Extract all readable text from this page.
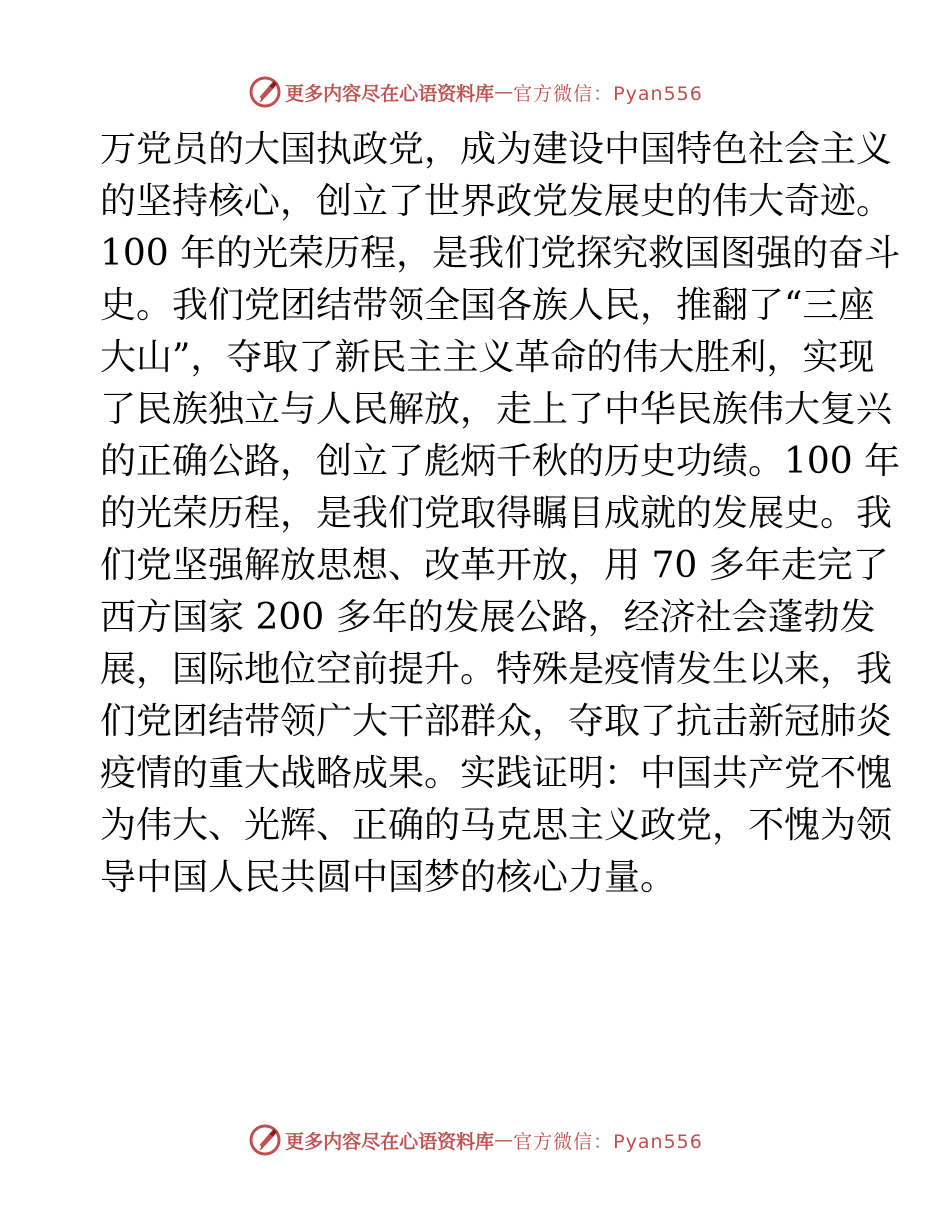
更多内容尽在心语资料库 — 官方微信：Pyan556
万党员的大国执政党，成为建设中国特色社会主义
的坚持核心，创立了世界政党发展史的伟大奇迹。
100 年的光荣历程，是我们党探究救国图强的奋斗
史。我们党团结带领全国各族人民，推翻了“三座
大山”，夺取了新民主主义革命的伟大胜利，实现
了民族独立与人民解放，走上了中华民族伟大复兴
的正确公路，创立了彪炳千秋的历史功绩。100 年
的光荣历程，是我们党取得瞩目成就的发展史。我
们党坚强解放思想、改革开放，用 70 多年走完了
西方国家 200 多年的发展公路，经济社会蓬勃发
展，国际地位空前提升。特殊是疫情发生以来，我
们党团结带领广大干部群众，夺取了抗击新冠肺炎
疫情的重大战略成果。实践证明：中国共产党不愧
为伟大、光辉、正确的马克思主义政党，不愧为领
导中国人民共圆中国梦的核心力量。
更多内容尽在心语资料库 — 官方微信：Pyan556
